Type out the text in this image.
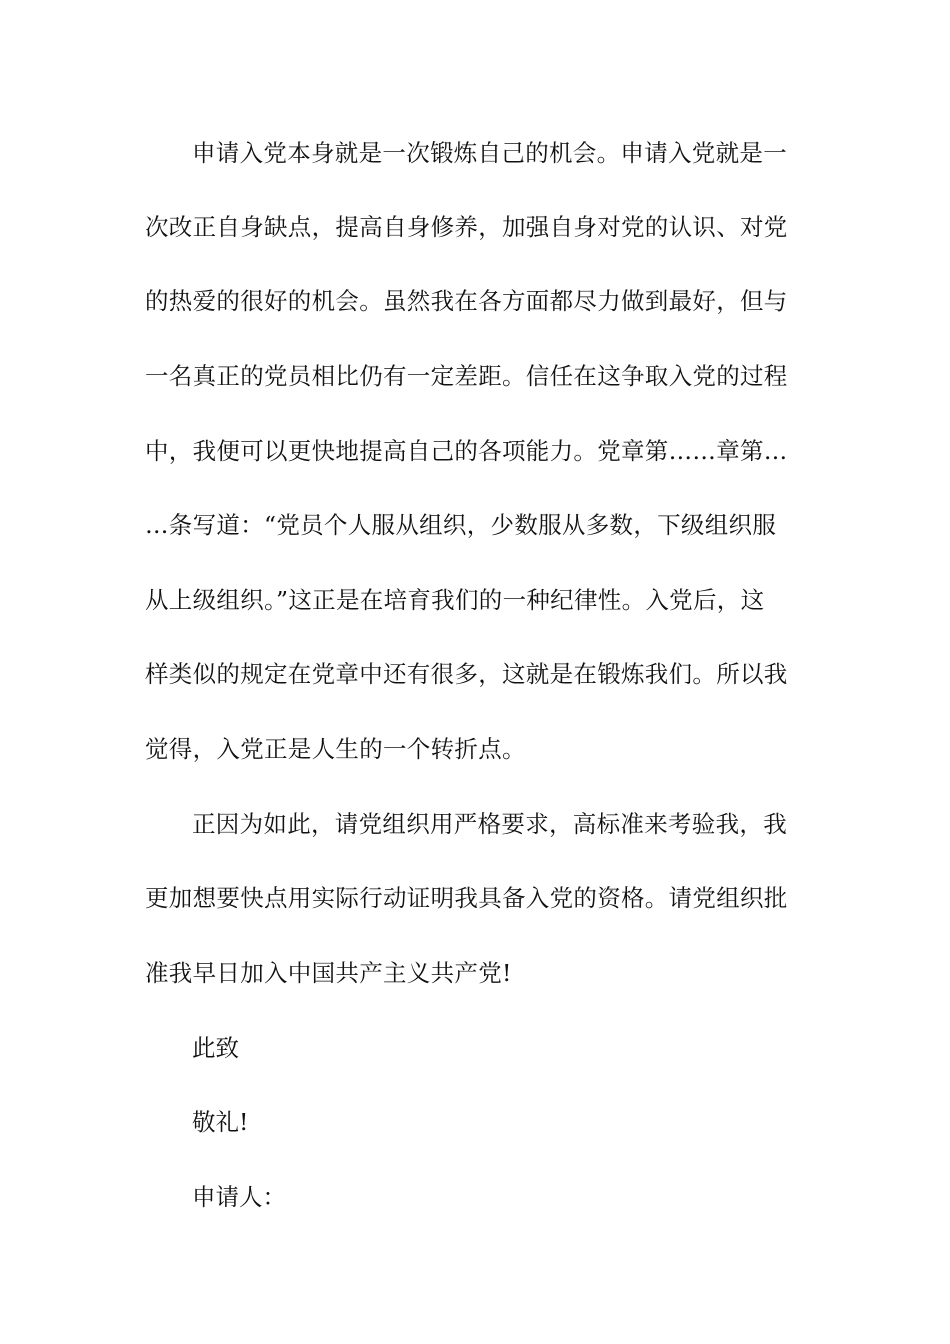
申请入党本身就是一次锻炼自己的机会。申请入党就是一
次改正自身缺点，提高自身修养，加强自身对党的认识、对党
的热爱的很好的机会。虽然我在各方面都尽力做到最好，但与
一名真正的党员相比仍有一定差距。信任在这争取入党的过程
中，我便可以更快地提高自己的各项能力。党章第……章第…
…条写道：“党员个人服从组织，少数服从多数，下级组织服
从上级组织。”这正是在培育我们的一种纪律性。入党后，这
样类似的规定在党章中还有很多，这就是在锻炼我们。所以我
觉得，入党正是人生的一个转折点。
正因为如此，请党组织用严格要求，高标准来考验我，我
更加想要快点用实际行动证明我具备入党的资格。请党组织批
准我早日加入中国共产主义共产党!
此致
敬礼!
申请人：
